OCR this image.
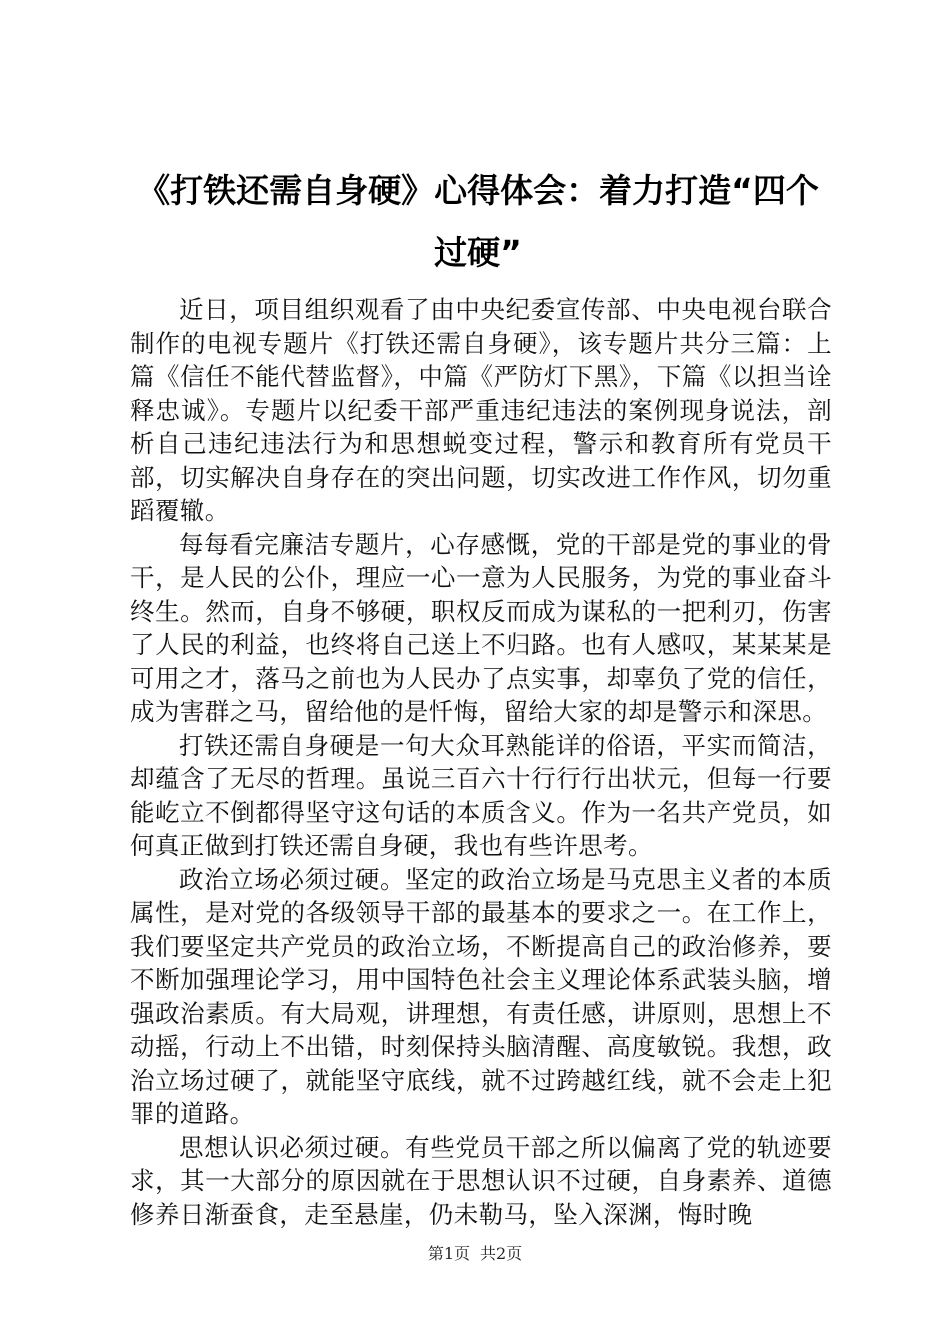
《打铁还需自身硬》心得体会：着力打造“四个过硬”

近日，项目组织观看了由中央纪委宣传部、中央电视台联合制作的电视专题片《打铁还需自身硬》，该专题片共分三篇：上篇《信任不能代替监督》，中篇《严防灯下黑》，下篇《以担当诠释忠诚》。专题片以纪委干部严重违纪违法的案例现身说法，剖析自己违纪违法行为和思想蜕变过程，警示和教育所有党员干部，切实解决自身存在的突出问题，切实改进工作作风，切勿重蹈覆辙。

每每看完廉洁专题片，心存感慨，党的干部是党的事业的骨干，是人民的公仆，理应一心一意为人民服务，为党的事业奋斗终生。然而，自身不够硬，职权反而成为谋私的一把利刃，伤害了人民的利益，也终将自己送上不归路。也有人感叹，某某某是可用之才，落马之前也为人民办了点实事，却辜负了党的信任，成为害群之马，留给他的是忏悔，留给大家的却是警示和深思。

打铁还需自身硬是一句大众耳熟能详的俗语，平实而简洁，却蕴含了无尽的哲理。虽说三百六十行行行出状元，但每一行要能屹立不倒都得坚守这句话的本质含义。作为一名共产党员，如何真正做到打铁还需自身硬，我也有些许思考。

政治立场必须过硬。坚定的政治立场是马克思主义者的本质属性，是对党的各级领导干部的最基本的要求之一。在工作上，我们要坚定共产党员的政治立场，不断提高自己的政治修养，要不断加强理论学习，用中国特色社会主义理论体系武装头脑，增强政治素质。有大局观，讲理想，有责任感，讲原则，思想上不动摇，行动上不出错，时刻保持头脑清醒、高度敏锐。我想，政治立场过硬了，就能坚守底线，就不过跨越红线，就不会走上犯罪的道路。

思想认识必须过硬。有些党员干部之所以偏离了党的轨迹要求，其一大部分的原因就在于思想认识不过硬，自身素养、道德修养日渐蚕食，走至悬崖，仍未勒马，坠入深渊，悔时晚

第1页 共2页
